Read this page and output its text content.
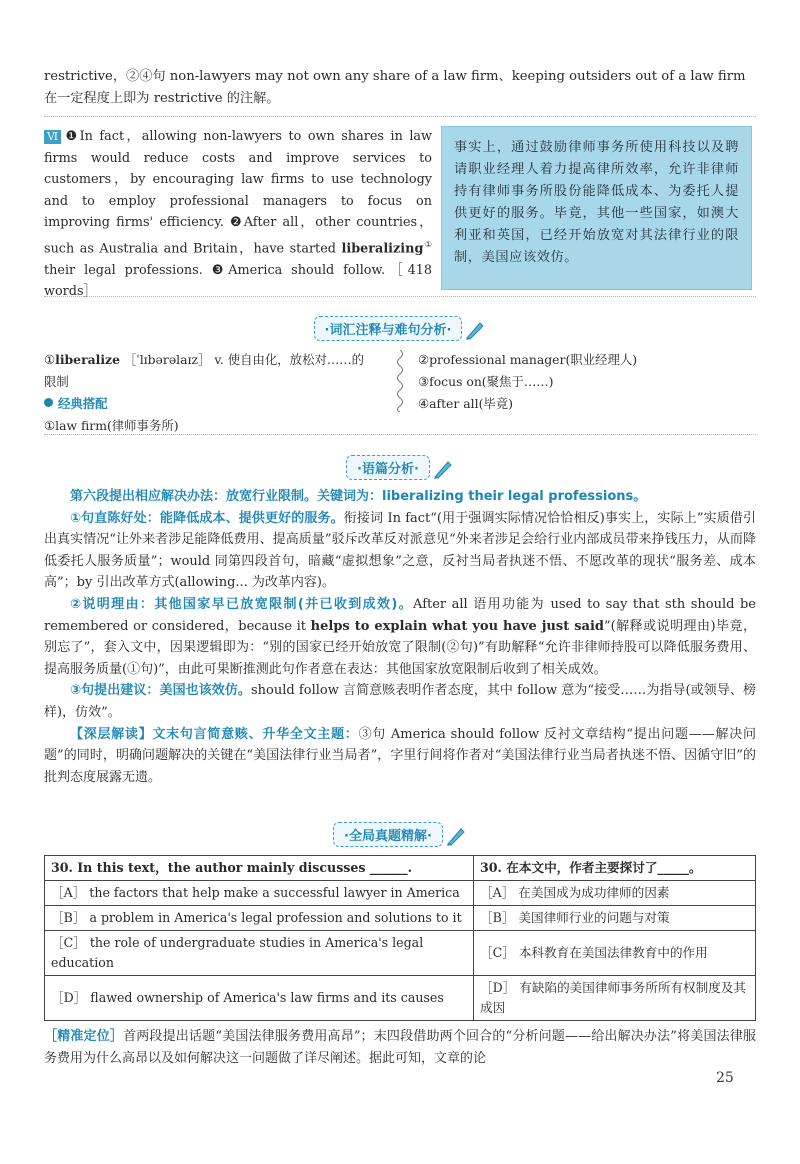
restrictive，②④句 non-lawyers may not own any share of a law firm、keeping outsiders out of a law firm
在一定程度上即为 restrictive 的注解。
Ⅵ ❶In fact，allowing non-lawyers to own shares in law firms would reduce costs and improve services to customers，by encouraging law firms to use technology and to employ professional managers to focus on improving firms' efficiency. ❷After all，other countries，such as Australia and Britain，have started liberalizing① their legal professions. ❸America should follow.［418 words］
事实上，通过鼓励律师事务所使用科技以及聘请职业经理人着力提高律所效率，允许非律师持有律师事务所股份能降低成本、为委托人提供更好的服务。毕竟，其他一些国家，如澳大利亚和英国，已经开始放宽对其法律行业的限制，美国应该效仿。
·词汇注释与难句分析·
①liberalize ［ˈlɪbərəlaɪz］ v. 使自由化，放松对……的限制
经典搭配
①law firm(律师事务所)
②professional manager(职业经理人)
③focus on(聚焦于……)
④after all(毕竟)
·语篇分析·

第六段提出相应解决办法：放宽行业限制。关键词为：liberalizing their legal professions。

①句直陈好处：能降低成本、提供更好的服务。衔接词 In fact“(用于强调实际情况恰恰相反)事实上，实际上”实质借引出真实情况“让外来者涉足能降低费用、提高质量”驳斥改革反对派意见“外来者涉足会给行业内部成员带来挣钱压力，从而降低委托人服务质量”；would 同第四段首句，暗藏“虚拟想象”之意，反衬当局者执迷不悟、不愿改革的现状“服务差、成本高”；by 引出改革方式(allowing... 为改革内容)。

②说明理由：其他国家早已放宽限制(并已收到成效)。After all 语用功能为 used to say that sth should be remembered or considered，because it helps to explain what you have just said”(解释或说明理由)毕竟，别忘了”，套入文中，因果逻辑即为：“别的国家已经开始放宽了限制(②句)”有助解释“允许非律师持股可以降低服务费用、提高服务质量(①句)”，由此可果断推测此句作者意在表达：其他国家放宽限制后收到了相关成效。

③句提出建议：美国也该效仿。should follow 言简意赅表明作者态度，其中 follow 意为“接受……为指导(或领导、榜样)，仿效”。

【深层解读】文末句言简意赅、升华全文主题：③句 America should follow 反衬文章结构“提出问题——解决问题”的同时，明确问题解决的关键在“美国法律行业当局者”，字里行间将作者对“美国法律行业当局者执迷不悟、因循守旧”的批判态度展露无遗。

·全局真题精解·
30. In this text，the author mainly discusses ______.	30. 在本文中，作者主要探讨了_____。
［A］ the factors that help make a successful lawyer in America	［A］ 在美国成为成功律师的因素
［B］ a problem in America's legal profession and solutions to it	［B］ 美国律师行业的问题与对策
［C］ the role of undergraduate studies in America's legal education	［C］ 本科教育在美国法律教育中的作用
［D］ flawed ownership of America's law firms and its causes	［D］ 有缺陷的美国律师事务所所有权制度及其成因
［精准定位］首两段提出话题“美国法律服务费用高昂”；末四段借助两个回合的“分析问题——给出解决办法”将美国法律服务费用为什么高昂以及如何解决这一问题做了详尽阐述。据此可知，文章的论
25
